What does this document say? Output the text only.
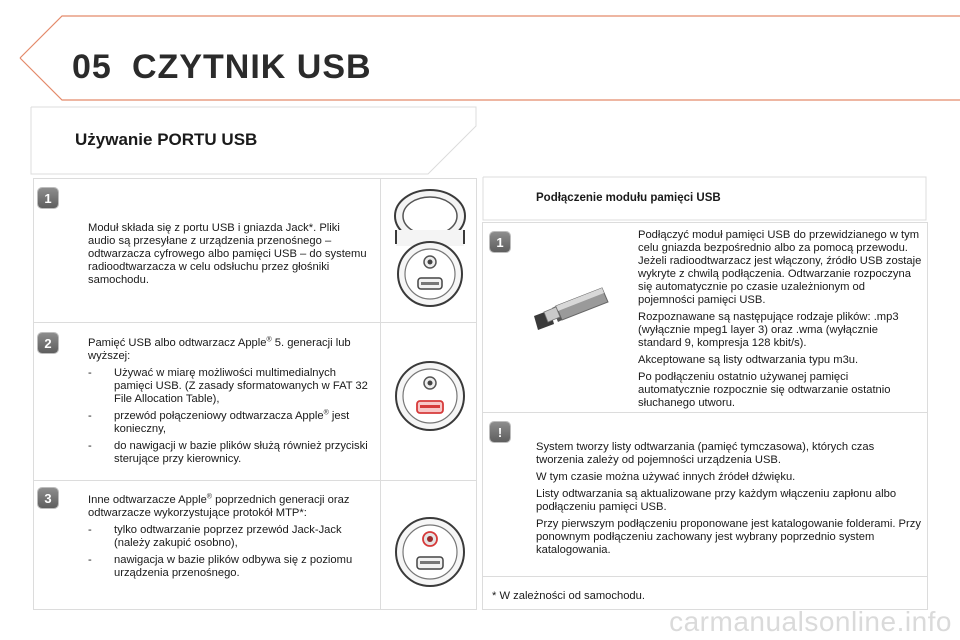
05 CZYTNIK USB
Używanie PORTU USB
1
Moduł składa się z portu USB i gniazda Jack*. Pliki audio są przesyłane z urządzenia przenośnego – odtwarzacza cyfrowego albo pamięci USB – do systemu radioodtwarzacza w celu odsłuchu przez głośniki samochodu.
2	Pamięć USB albo odtwarzacz Apple® 5. generacji lub wyższej:

-	Używać w miarę możliwości multimedialnych pamięci USB. (Z zasady sformatowanych w FAT 32 File Allocation Table),
-	przewód połączeniowy odtwarzacza Apple® jest konieczny,
-	do nawigacji w bazie plików służą również przyciski sterujące przy kierownicy.
3	Inne odtwarzacze Apple® poprzednich generacji oraz odtwarzacze wykorzystujące protokół MTP*:

-	tylko odtwarzanie poprzez przewód Jack-Jack (należy zakupić osobno),
-	nawigacja w bazie plików odbywa się z poziomu urządzenia przenośnego.
Podłączenie modułu pamięci USB
1	Podłączyć moduł pamięci USB do przewidzianego w tym celu gniazda bezpośrednio albo za pomocą przewodu. Jeżeli radioodtwarzacz jest włączony, źródło USB zostaje wykryte z chwilą podłączenia. Odtwarzanie rozpoczyna się automatycznie po czasie uzależnionym od pojemności pamięci USB.

Rozpoznawane są następujące rodzaje plików: .mp3 (wyłącznie mpeg1 layer 3) oraz .wma (wyłącznie standard 9, kompresja 128 kbit/s).

Akceptowane są listy odtwarzania typu m3u.

Po podłączeniu ostatnio używanej pamięci automatycznie rozpocznie się odtwarzanie ostatnio słuchanego utworu.

!

System tworzy listy odtwarzania (pamięć tymczasowa), których czas tworzenia zależy od pojemności urządzenia USB.

W tym czasie można używać innych źródeł dźwięku.

Listy odtwarzania są aktualizowane przy każdym włączeniu zapłonu albo podłączeniu pamięci USB.

Przy pierwszym podłączeniu proponowane jest katalogowanie folderami. Przy ponownym podłączeniu zachowany jest wybrany poprzednio system katalogowania.

* W zależności od samochodu.
carmanualsonline.info
